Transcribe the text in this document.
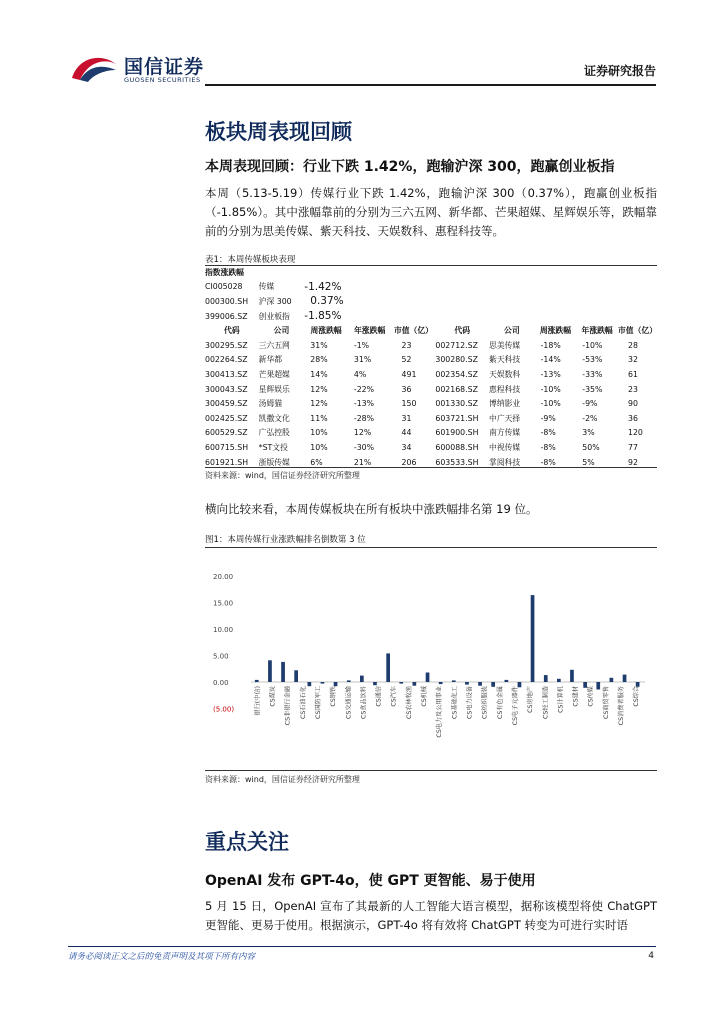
国信证券
GUOSEN SECURITIES
证券研究报告
板块周表现回顾
本周表现回顾：行业下跌 1.42%，跑输沪深 300，跑赢创业板指
本周（5.13-5.19）传媒行业下跌 1.42%，跑输沪深 300（0.37%），跑赢创业板指（-1.85%）。其中涨幅靠前的分别为三六五网、新华都、芒果超媒、星辉娱乐等，跌幅靠前的分别为思美传媒、紫天科技、天娱数科、惠程科技等。
表1：本周传媒板块表现
指数涨跌幅									
CI005028	传媒	-1.42%							
000300.SH	沪深 300	0.37%							
399006.SZ	创业板指	-1.85%							
代码	公司	周涨跌幅	年涨跌幅	市值（亿）	代码	公司	周涨跌幅	年涨跌幅	市值（亿）
300295.SZ	三六五网	31%	-1%	23	002712.SZ	思美传媒	-18%	-10%	28
002264.SZ	新华都	28%	31%	52	300280.SZ	紫天科技	-14%	-53%	32
300413.SZ	芒果超媒	14%	4%	491	002354.SZ	天娱数科	-13%	-33%	61
300043.SZ	星辉娱乐	12%	-22%	36	002168.SZ	惠程科技	-10%	-35%	23
300459.SZ	汤姆猫	12%	-13%	150	001330.SZ	博纳影业	-10%	-9%	90
002425.SZ	凯撒文化	11%	-28%	31	603721.SH	中广天择	-9%	-2%	36
600529.SZ	广弘控股	10%	12%	44	601900.SH	南方传媒	-8%	3%	120
600715.SH	*ST文投	10%	-30%	34	600088.SH	中视传媒	-8%	50%	77
601921.SH	浙版传媒	6%	21%	206	603533.SH	掌阅科技	-8%	5%	92
资料来源：wind，国信证券经济研究所整理
横向比较来看，本周传媒板块在所有板块中涨跌幅排名第 19 位。
图1：本周传媒行业涨跌幅排名倒数第 3 位
20.00
15.00
10.00
5.00
0.00
(5.00)	银行(中信) CS煤炭 CS非银行金融 CS石油石化 CS国防军工 CS钢铁 CS交通运输 CS食品饮料 CS通信 CS汽车 CS农林牧渔 CS机械 CS电力及公用事业 CS基础化工 CS电力设备 CS纺织服装 CS有色金属 CS电子元器件 CS房地产 CS轻工制造 CS计算机 CS建材 CS传媒 CS商贸零售 CS消费者服务 CS综合
资料来源：wind，国信证券经济研究所整理
重点关注
OpenAI 发布 GPT-4o，使 GPT 更智能、易于使用
5 月 15 日，OpenAI 宣布了其最新的人工智能大语言模型，据称该模型将使 ChatGPT 更智能、更易于使用。根据演示，GPT-4o 将有效将 ChatGPT 转变为可进行实时语
请务必阅读正文之后的免责声明及其项下所有内容	4
